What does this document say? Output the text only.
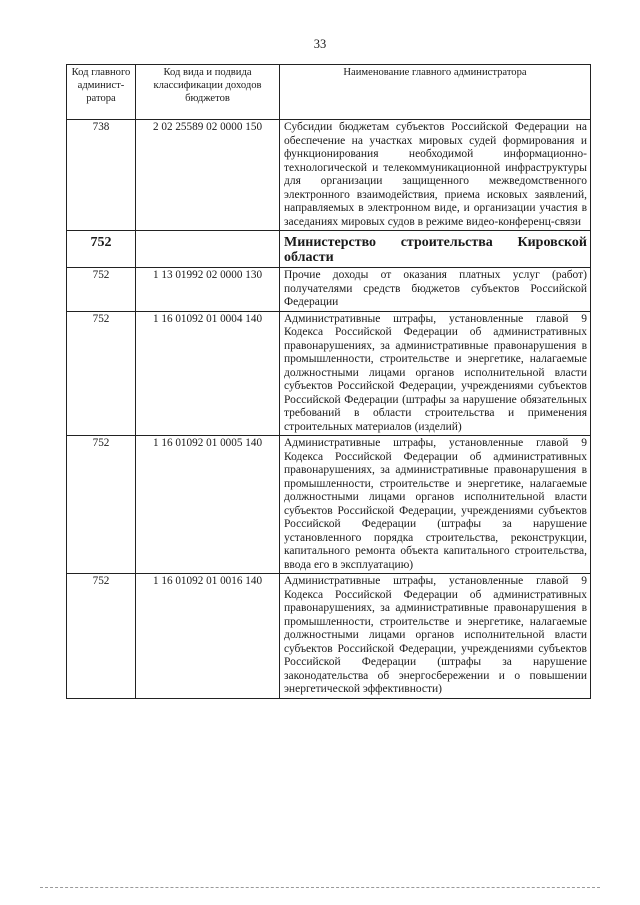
33
Код главного админист-ратора	Код вида и подвида классификации доходов бюджетов	Наименование главного администратора

738	2 02 25589 02 0000 150	Субсидии бюджетам субъектов Российской Федерации на обеспечение на участках мировых судей формирования и функционирования необходимой информационно-технологической и телекоммуникационной инфраструктуры для организации защищенного межведомственного электронного взаимодействия, приема исковых заявлений, направляемых в электронном виде, и организации участия в заседаниях мировых судов в режиме видео-конференц-связи

752		Министерство строительства Кировской области

752	1 13 01992 02 0000 130	Прочие доходы от оказания платных услуг (работ) получателями средств бюджетов субъектов Российской Федерации

752	1 16 01092 01 0004 140	Административные штрафы, установленные главой 9 Кодекса Российской Федерации об административных правонарушениях, за административные правонарушения в промышленности, строительстве и энергетике, налагаемые должностными лицами органов исполнительной власти субъектов Российской Федерации, учреждениями субъектов Российской Федерации (штрафы за нарушение обязательных требований в области строительства и применения строительных материалов (изделий)

752	1 16 01092 01 0005 140	Административные штрафы, установленные главой 9 Кодекса Российской Федерации об административных правонарушениях, за административные правонарушения в промышленности, строительстве и энергетике, налагаемые должностными лицами органов исполнительной власти субъектов Российской Федерации, учреждениями субъектов Российской Федерации (штрафы за нарушение установленного порядка строительства, реконструкции, капитального ремонта объекта капитального строительства, ввода его в эксплуатацию)

752	1 16 01092 01 0016 140	Административные штрафы, установленные главой 9 Кодекса Российской Федерации об административных правонарушениях, за административные правонарушения в промышленности, строительстве и энергетике, налагаемые должностными лицами органов исполнительной власти субъектов Российской Федерации, учреждениями субъектов Российской Федерации (штрафы за нарушение законодательства об энергосбережении и о повышении энергетической эффективности)
